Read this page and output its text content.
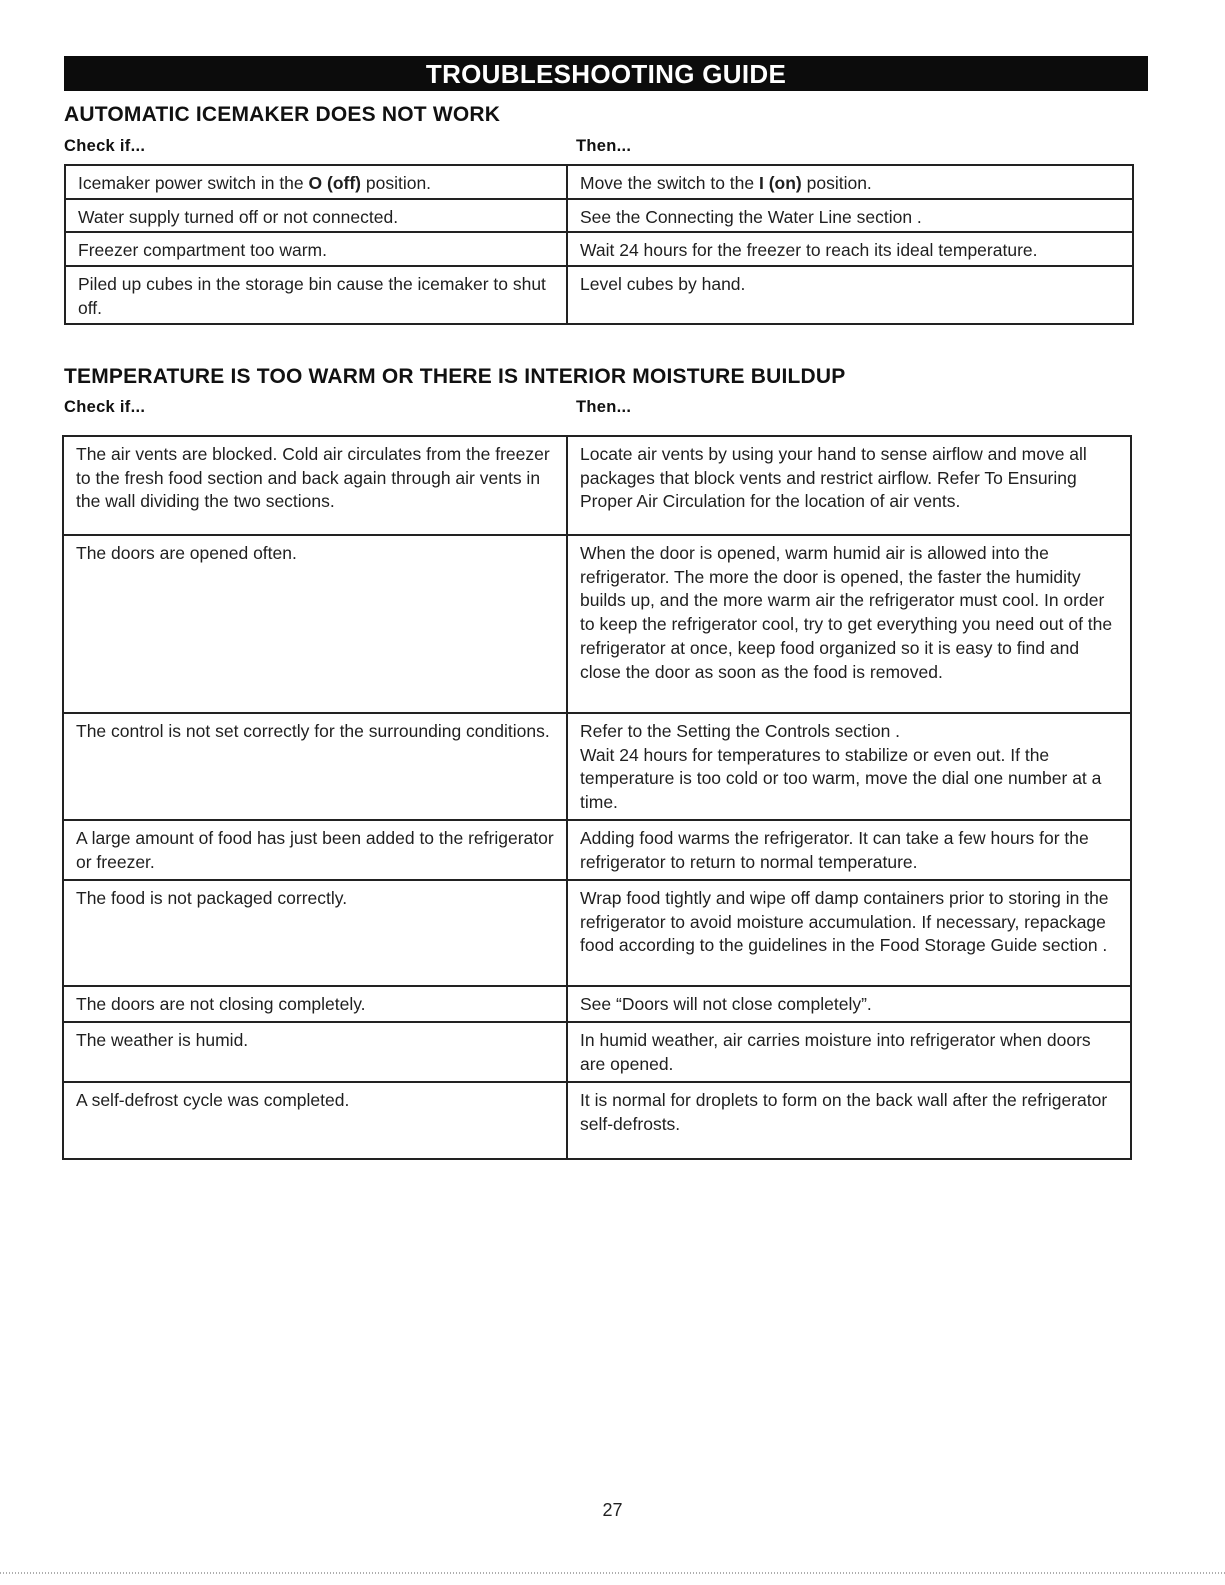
TROUBLESHOOTING GUIDE
AUTOMATIC ICEMAKER DOES NOT WORK
Check if...	Then...
Icemaker power switch in the O (off) position.	Move the switch to the I (on) position.
Water supply turned off or not connected.	See the Connecting the Water Line section .
Freezer compartment too warm.	Wait 24 hours for the freezer to reach its ideal temperature.
Piled up cubes in the storage bin cause the icemaker to shut off.	Level cubes by hand.
TEMPERATURE IS TOO WARM OR THERE IS INTERIOR MOISTURE BUILDUP
Check if...	Then...
The air vents are blocked. Cold air circulates from the freezer to the fresh food section and back again through air vents in the wall dividing the two sections.	Locate air vents by using your hand to sense airflow and move all packages that block vents and restrict airflow. Refer To Ensuring Proper Air Circulation for the location of air vents.
The doors are opened often.	When the door is opened, warm humid air is allowed into the refrigerator. The more the door is opened, the faster the humidity builds up, and the more warm air the refrigerator must cool. In order to keep the refrigerator cool, try to get everything you need out of the refrigerator at once, keep food organized so it is easy to find and close the door as soon as the food is removed.
The control is not set correctly for the surrounding conditions.	Refer to the Setting the Controls section .
Wait 24 hours for temperatures to stabilize or even out. If the temperature is too cold or too warm, move the dial one number at a time.

A large amount of food has just been added to the refrigerator or freezer.	Adding food warms the refrigerator. It can take a few hours for the refrigerator to return to normal temperature.
The food is not packaged correctly.	Wrap food tightly and wipe off damp containers prior to storing in the refrigerator to avoid moisture accumulation. If necessary, repackage food according to the guidelines in the Food Storage Guide section .
The doors are not closing completely.	See “Doors will not close completely”.
The weather is humid.	In humid weather, air carries moisture into refrigerator when doors are opened.
A self-defrost cycle was completed.	It is normal for droplets to form on the back wall after the refrigerator self-defrosts.
27
